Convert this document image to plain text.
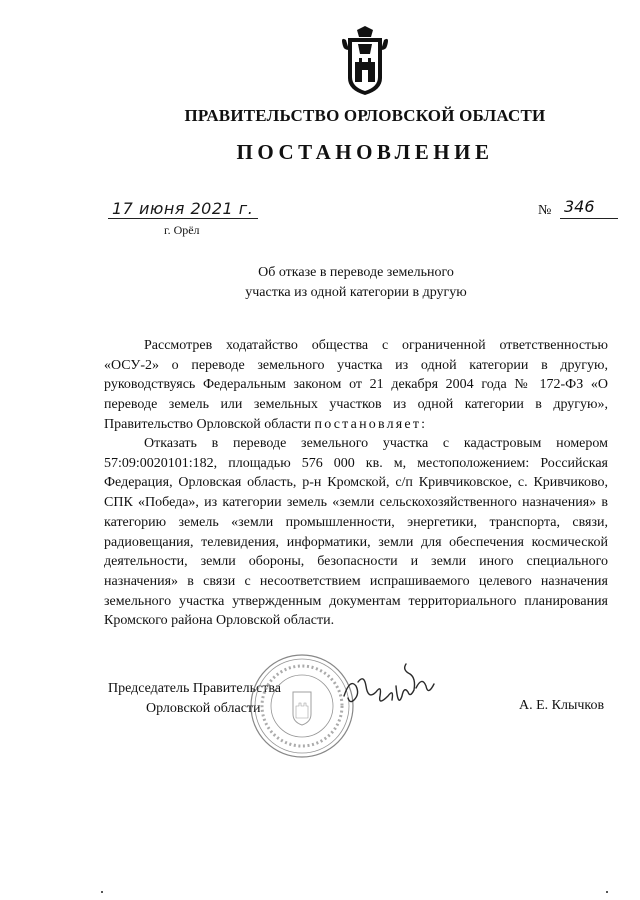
ПРАВИТЕЛЬСТВО ОРЛОВСКОЙ ОБЛАСТИ
ПОСТАНОВЛЕНИЕ
17 июня 2021 г.
г. Орёл
№ 346
Об отказе в переводе земельного
участка из одной категории в другую
Рассмотрев ходатайство общества с ограниченной ответственностью «ОСУ-2» о переводе земельного участка из одной категории в другую, руководствуясь Федеральным законом от 21 декабря 2004 года № 172-ФЗ «О переводе земель или земельных участков из одной категории в другую», Правительство Орловской области постановляет:
Отказать в переводе земельного участка с кадастровым номером 57:09:0020101:182, площадью 576 000 кв. м, местоположением: Российская Федерация, Орловская область, р-н Кромской, с/п Кривчиковское, с. Кривчиково, СПК «Победа», из категории земель «земли сельскохозяйственного назначения» в категорию земель «земли промышленности, энергетики, транспорта, связи, радиовещания, телевидения, информатики, земли для обеспечения космической деятельности, земли обороны, безопасности и земли иного специального назначения» в связи с несоответствием испрашиваемого целевого назначения земельного участка утвержденным документам территориального планирования Кромского района Орловской области.
Председатель Правительства
Орловской области	А. Е. Клычков
